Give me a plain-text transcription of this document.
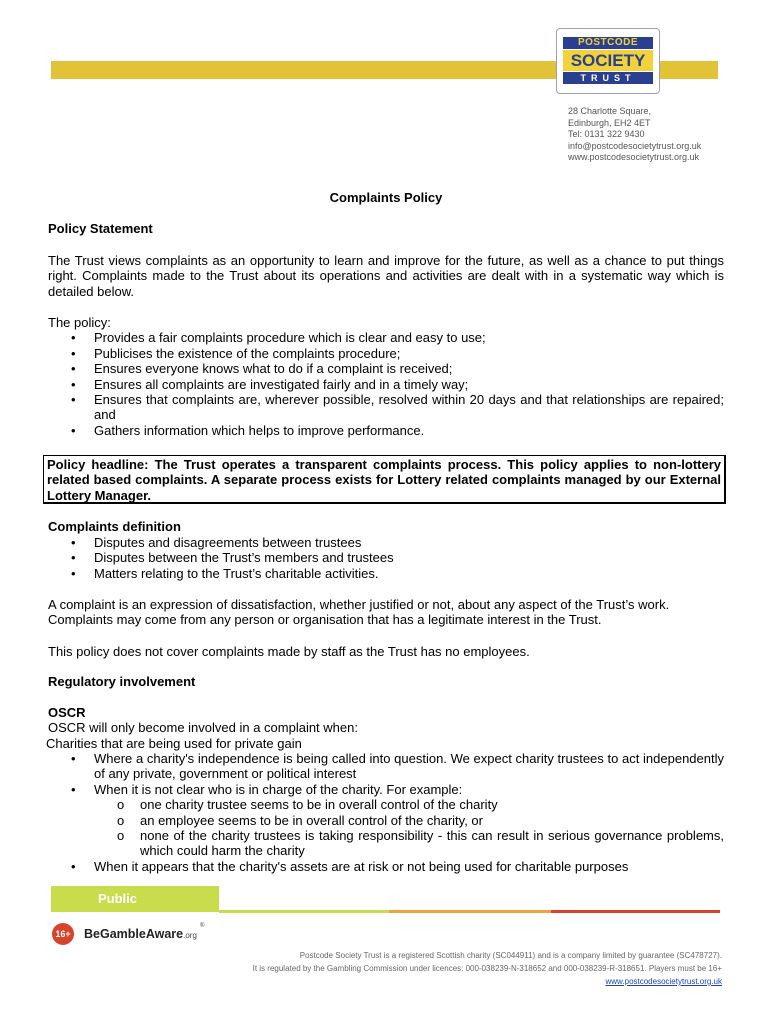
POSTCODE
SOCIETY
TRUST
28 Charlotte Square,
Edinburgh, EH2 4ET
Tel: 0131 322 9430
info@postcodesocietytrust.org.uk
www.postcodesocietytrust.org.uk
Complaints Policy
Policy Statement
The Trust views complaints as an opportunity to learn and improve for the future, as well as a chance to put things right. Complaints made to the Trust about its operations and activities are dealt with in a systematic way which is detailed below.
The policy:
• Provides a fair complaints procedure which is clear and easy to use;
• Publicises the existence of the complaints procedure;
• Ensures everyone knows what to do if a complaint is received;
• Ensures all complaints are investigated fairly and in a timely way;
• Ensures that complaints are, wherever possible, resolved within 20 days and that relationships are repaired; and
• Gathers information which helps to improve performance.
Complaints definition
• Disputes and disagreements between trustees
• Disputes between the Trust’s members and trustees
• Matters relating to the Trust’s charitable activities.
A complaint is an expression of dissatisfaction, whether justified or not, about any aspect of the Trust’s work. Complaints may come from any person or organisation that has a legitimate interest in the Trust.
This policy does not cover complaints made by staff as the Trust has no employees.
Regulatory involvement
OSCR
OSCR will only become involved in a complaint when:
Charities that are being used for private gain
• Where a charity's independence is being called into question. We expect charity trustees to act independently of any private, government or political interest
• When it is not clear who is in charge of the charity. For example:
o one charity trustee seems to be in overall control of the charity
o an employee seems to be in overall control of the charity, or
o none of the charity trustees is taking responsibility - this can result in serious governance problems, which could harm the charity
• When it appears that the charity's assets are at risk or not being used for charitable purposes
Policy headline: The Trust operates a transparent complaints process. This policy applies to non-lottery related based complaints. A separate process exists for Lottery related complaints managed by our External Lottery Manager.
Public
16+ BeGambleAware.org
®
Postcode Society Trust is a registered Scottish charity (SC044911) and is a company limited by guarantee (SC478727).
It is regulated by the Gambling Commission under licences: 000-038239-N-318652 and 000-038239-R-318651. Players must be 16+
www.postcodesocietytrust.org.uk
